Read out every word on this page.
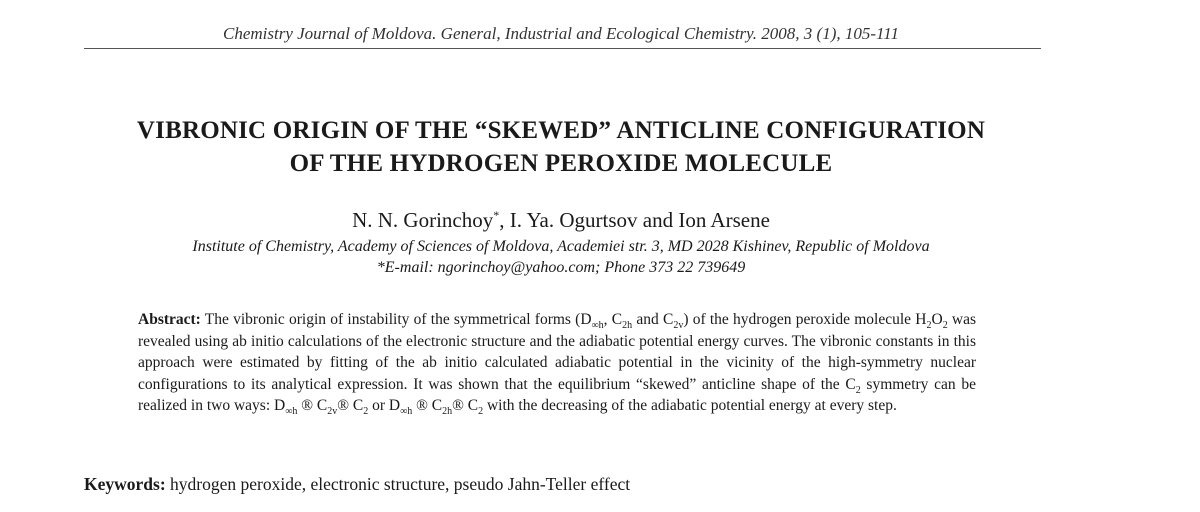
Chemistry Journal of Moldova. General, Industrial and Ecological Chemistry. 2008, 3 (1), 105-111
VIBRONIC ORIGIN OF THE “SKEWED” ANTICLINE CONFIGURATION
OF THE HYDROGEN PEROXIDE MOLECULE
N. N. Gorinchoy*, I. Ya. Ogurtsov and Ion Arsene
Institute of Chemistry, Academy of Sciences of Moldova, Academiei str. 3, MD 2028 Kishinev, Republic of Moldova
*E-mail: ngorinchoy@yahoo.com; Phone 373 22 739649
Abstract: The vibronic origin of instability of the symmetrical forms ($D_{\infty h}$, $C_{2h}$ and $C_{2v}$) of the hydrogen peroxide molecule $H_2O_2$ was revealed using ab initio calculations of the electronic structure and the adiabatic potential energy curves. The vibronic constants in this approach were estimated by fitting of the ab initio calculated adiabatic potential in the vicinity of the high-symmetry nuclear configurations to its analytical expression. It was shown that the equilibrium “skewed” anticline shape of the $C_2$ symmetry can be realized in two ways: $D_{\infty h}$ ® $C_{2v}®$ $C_2$ or $D_{\infty h}$ ® $C_{2h}®$ $C_2$ with the decreasing of the adiabatic potential energy at every step.
Keywords: hydrogen peroxide, electronic structure, pseudo Jahn-Teller effect
